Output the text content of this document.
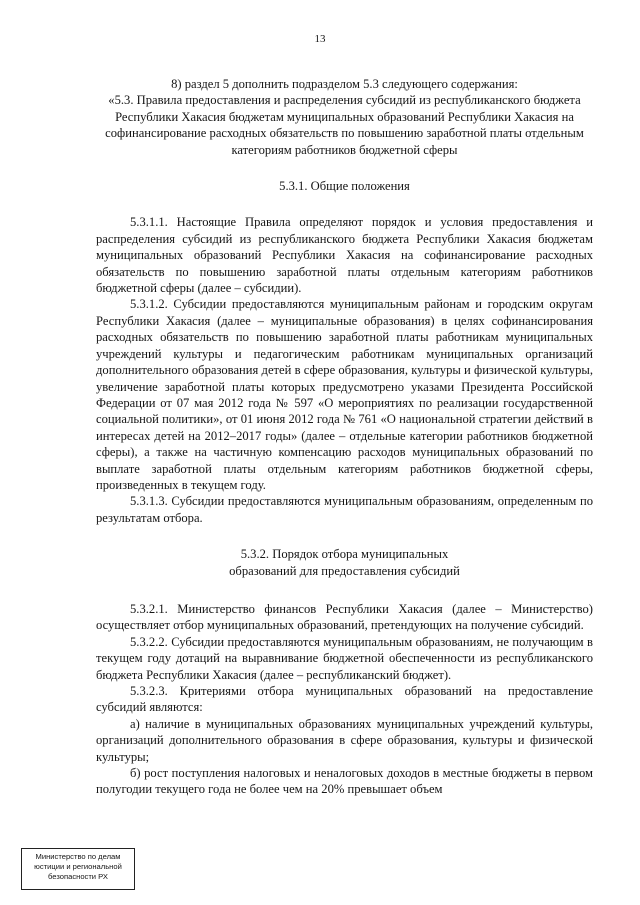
13

8) раздел 5 дополнить подразделом 5.3 следующего содержания:

«5.3. Правила предоставления и распределения субсидий из республиканского бюджета Республики Хакасия бюджетам муниципальных образований Республики Хакасия на софинансирование расходных обязательств по повышению заработной платы отдельным категориям работников бюджетной сферы

5.3.1. Общие положения

5.3.1.1. Настоящие Правила определяют порядок и условия предоставления и распределения субсидий из республиканского бюджета Республики Хакасия бюджетам муниципальных образований Республики Хакасия на софинансирование расходных обязательств по повышению заработной платы отдельным категориям работников бюджетной сферы (далее – субсидии).

5.3.1.2. Субсидии предоставляются муниципальным районам и городским округам Республики Хакасия (далее – муниципальные образования) в целях софинансирования расходных обязательств по повышению заработной платы работникам муниципальных учреждений культуры и педагогическим работникам муниципальных организаций дополнительного образования детей в сфере образования, культуры и физической культуры, увеличение заработной платы которых предусмотрено указами Президента Российской Федерации от 07 мая 2012 года № 597 «О мероприятиях по реализации государственной социальной политики», от 01 июня 2012 года № 761 «О национальной стратегии действий в интересах детей на 2012–2017 годы» (далее – отдельные категории работников бюджетной сферы), а также на частичную компенсацию расходов муниципальных образований по выплате заработной платы отдельным категориям работников бюджетной сферы, произведенных в текущем году.

5.3.1.3. Субсидии предоставляются муниципальным образованиям, определенным по результатам отбора.

5.3.2. Порядок отбора муниципальных
образований для предоставления субсидий

5.3.2.1. Министерство финансов Республики Хакасия (далее – Министерство) осуществляет отбор муниципальных образований, претендующих на получение субсидий.

5.3.2.2. Субсидии предоставляются муниципальным образованиям, не получающим в текущем году дотаций на выравнивание бюджетной обеспеченности из республиканского бюджета Республики Хакасия (далее – республиканский бюджет).

5.3.2.3. Критериями отбора муниципальных образований на предоставление субсидий являются:

а) наличие в муниципальных образованиях муниципальных учреждений культуры, организаций дополнительного образования в сфере образования, культуры и физической культуры;

б) рост поступления налоговых и неналоговых доходов в местные бюджеты в первом полугодии текущего года не более чем на 20% превышает объем

Министерство по делам
юстиции и региональной
безопасности РХ
